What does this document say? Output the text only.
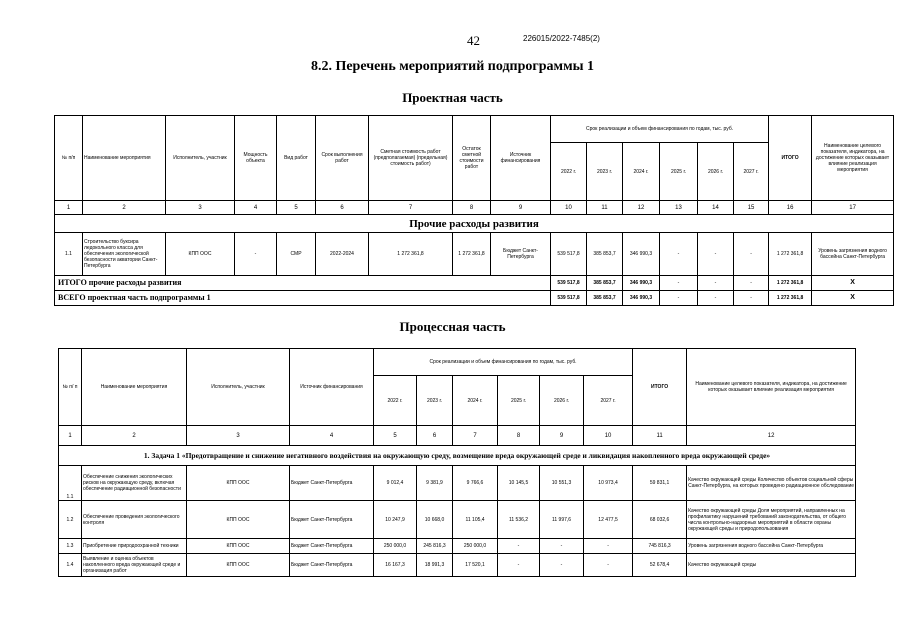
42	226015/2022-7485(2)
8.2. Перечень мероприятий подпрограммы 1
Проектная часть
№ п/п	Наименование мероприятия	Исполнитель, участник	Мощность объекта	Вид работ	Срок выполнения работ	Сметная стоимость работ (предполагаемая) (предельная) стоимость работ)	Остаток сметной стоимости работ	Источник финансирования	Срок реализации и объем финансирования по годам, тыс. руб.						ИТОГО	Наименование целевого показателя, индикатора, на достижение которых оказывает влияние реализация мероприятия
									2022 г.	2023 г.	2024 г.	2025 г.	2026 г.	2027 г.		
1	2	3	4	5	6	7	8	9	10	11	12	13	14	15	16	17
Прочие расходы развития																
1.1	Строительство буксира ледокольного класса для обеспечения экологической безопасности акватории Санкт-Петербурга	КПП ООС	-	СМР	2022-2024	1 272 361,8	1 272 361,8	Бюджет Санкт-Петербурга	539 517,8	385 853,7	346 990,3	-	-	-	1 272 361,8	Уровень загрязнения водного бассейна Санкт-Петербурга
ИТОГО прочие расходы развития									539 517,8	385 853,7	346 990,3	-	-	-	1 272 361,8	X
ВСЕГО проектная часть подпрограммы 1									539 517,8	385 853,7	346 990,3	-	-	-	1 272 361,8	X
Процессная часть
№ п/ п	Наименование мероприятия	Исполнитель, участник	Источник финансирования	Срок реализации и объем финансирования по годам, тыс. руб.						ИТОГО	Наименование целевого показателя, индикатора, на достижение которых оказывает влияние реализация мероприятия
				2022 г.	2023 г.	2024 г.	2025 г.	2026 г.	2027 г.		
1	2	3	4	5	6	7	8	9	10	11	12
1. Задача 1 «Предотвращение и снижение негативного воздействия на окружающую среду, возмещение вреда окружающей среде и ликвидация накопленного вреда окружающей среде»											
1.1	Обеспечение снижения экологических рисков на окружающую среду, включая обеспечение радиационной безопасности	КПП ООС	Бюджет Санкт-Петербурга	9 012,4	9 381,9	9 766,6	10 145,5	10 551,3	10 973,4	59 831,1	Качество окружающей среды Количество объектов социальной сферы Санкт-Петербурга, на которых проведено радиационное обследование
1.2	Обеспечение проведения экологического контроля	КПП ООС	Бюджет Санкт-Петербурга	10 247,9	10 668,0	11 105,4	11 536,2	11 997,6	12 477,5	68 032,6	Качество окружающей среды Доля мероприятий, направленных на профилактику нарушений требований законодательства, от общего числа контрольно-надзорных мероприятий в области охраны окружающей среды и природопользования
1.3	Приобретение природоохранной техники	КПП ООС	Бюджет Санкт-Петербурга	250 000,0	245 816,3	250 000,0	-	-	-	745 816,3	Уровень загрязнения водного бассейна Санкт-Петербурга
1.4	Выявление и оценка объектов накопленного вреда окружающей среде и организация работ	КПП ООС	Бюджет Санкт-Петербурга	16 167,3	18 991,3	17 520,1	-	-	-	52 678,4	Качество окружающей среды
